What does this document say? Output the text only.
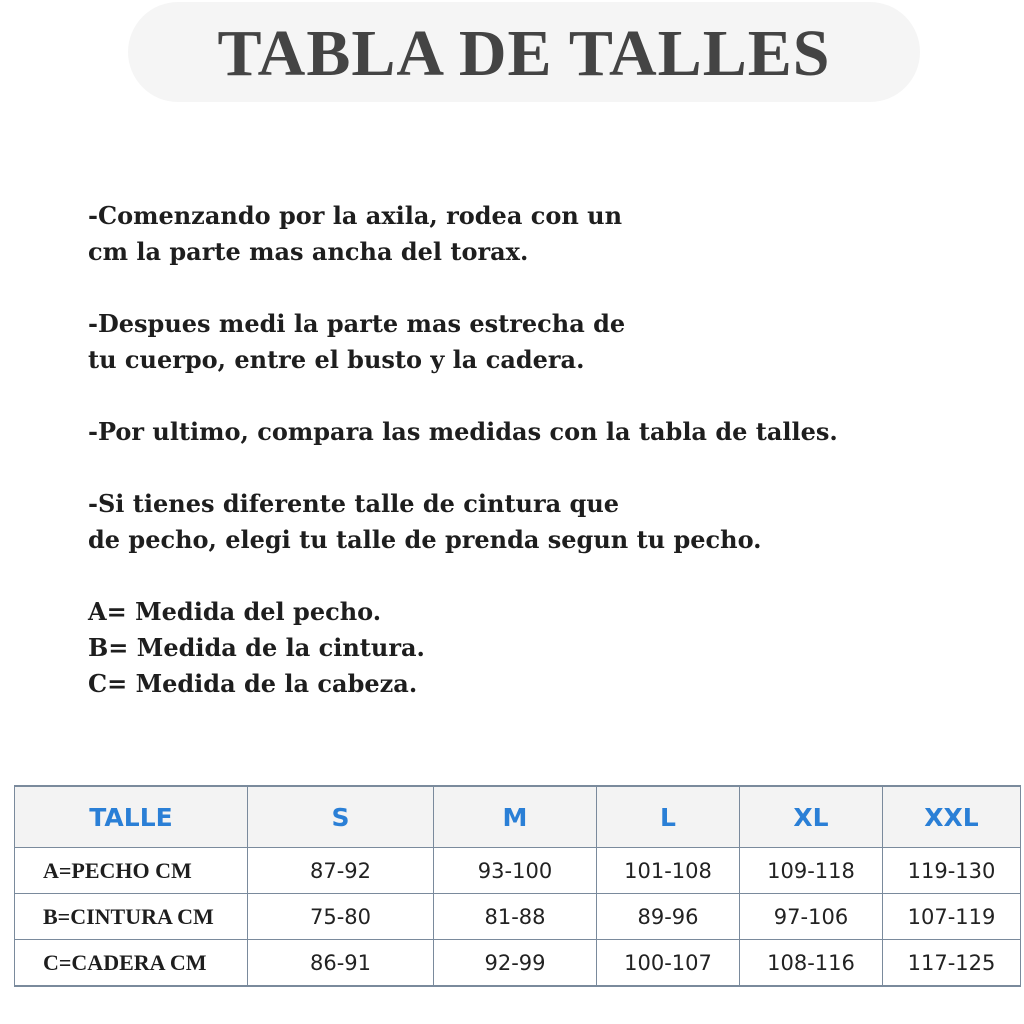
TABLA DE TALLES

-Comenzando por la axila, rodea con un
cm la parte mas ancha del torax.

-Despues medi la parte mas estrecha de
tu cuerpo, entre el busto y la cadera.

-Por ultimo, compara las medidas con la tabla de talles.

-Si tienes diferente talle de cintura que
de pecho, elegi tu talle de prenda segun tu pecho.

A= Medida del pecho.
B= Medida de la cintura.
C= Medida de la cabeza.

TALLE	S	M	L	XL	XXL
A=PECHO CM	87-92	93-100	101-108	109-118	119-130
B=CINTURA CM	75-80	81-88	89-96	97-106	107-119
C=CADERA CM	86-91	92-99	100-107	108-116	117-125
